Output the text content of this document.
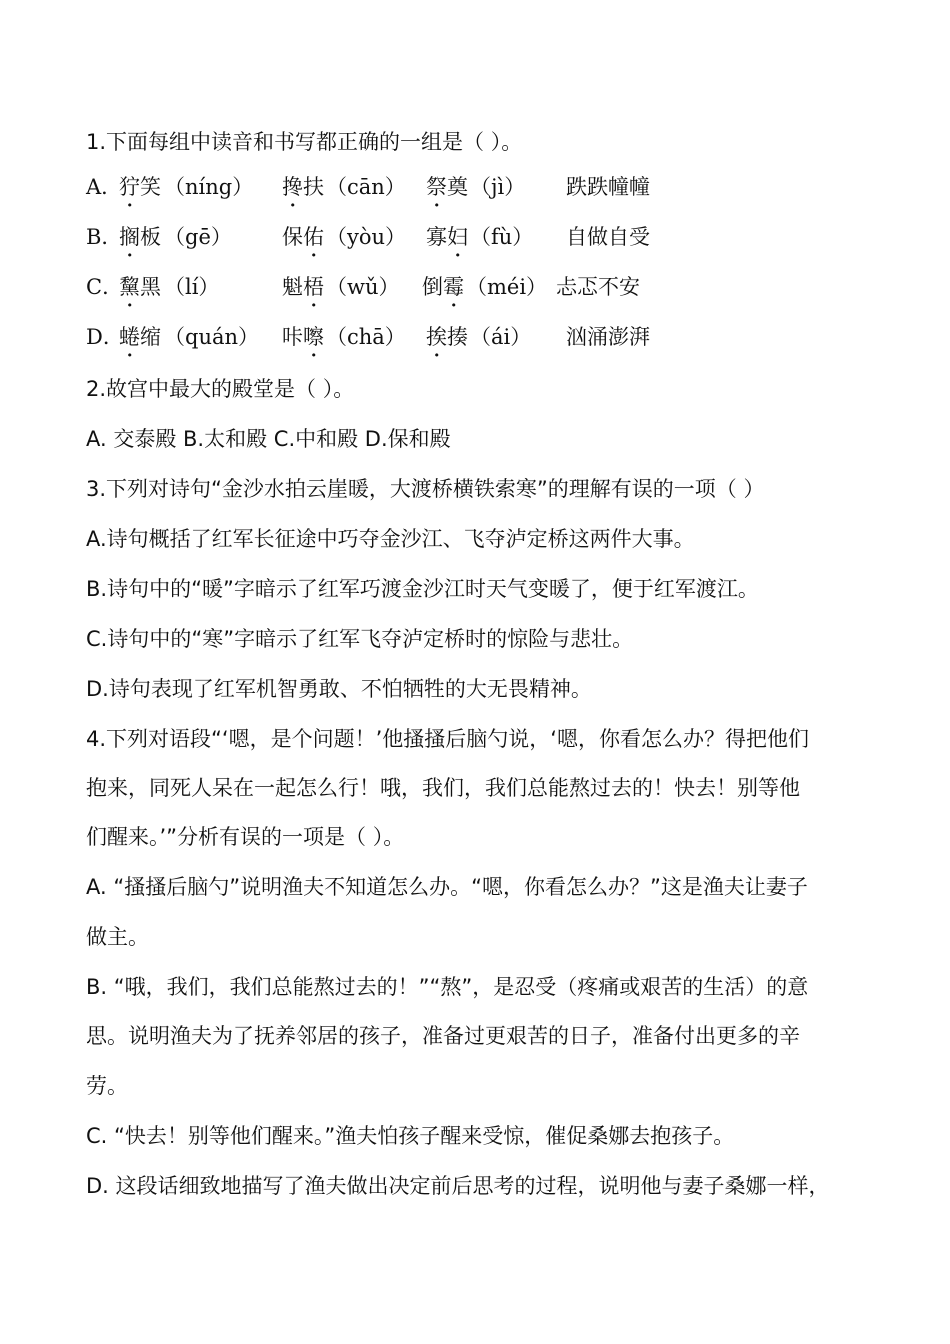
1.下面每组中读音和书写都正确的一组是（ ）。
A．
狞笑 （níng） 搀扶 （cān） 祭奠 （jì） 跌跌幢幢
B．
搁板 （gē） 保佑 （yòu） 寡妇 （fù） 自做自受
C．
黧黑 （lí）	魁梧 （wǔ） 倒霉 （méi） 忐忑不安
D．
蜷缩 （quán） 咔嚓 （chā） 挨揍 （ái） 汹涌澎湃
2.故宫中最大的殿堂是（ ）。
A. 交泰殿 B.太和殿 C.中和殿 D.保和殿
3.下列对诗句“金沙水拍云崖暖，大渡桥横铁索寒”的理解有误的一项（ ）
A.诗句概括了红军长征途中巧夺金沙江、飞夺泸定桥这两件大事。
B.诗句中的“暖”字暗示了红军巧渡金沙江时天气变暖了，便于红军渡江。
C.诗句中的“寒”字暗示了红军飞夺泸定桥时的惊险与悲壮。
D.诗句表现了红军机智勇敢、不怕牺牲的大无畏精神。
4.下列对语段“‘嗯，是个问题！’他搔搔后脑勺说，‘嗯，你看怎么办？得把他们
抱来，同死人呆在一起怎么行！哦，我们，我们总能熬过去的！快去！别等他
们醒来。’”分析有误的一项是（ ）。
A. “搔搔后脑勺”说明渔夫不知道怎么办。“嗯，你看怎么办？”这是渔夫让妻子
做主。
B. “哦，我们，我们总能熬过去的！”“熬”，是忍受（疼痛或艰苦的生活）的意
思。说明渔夫为了抚养邻居的孩子，准备过更艰苦的日子，准备付出更多的辛
劳。
C. “快去！别等他们醒来。”渔夫怕孩子醒来受惊，催促桑娜去抱孩子。
D. 这段话细致地描写了渔夫做出决定前后思考的过程，说明他与妻子桑娜一样，
